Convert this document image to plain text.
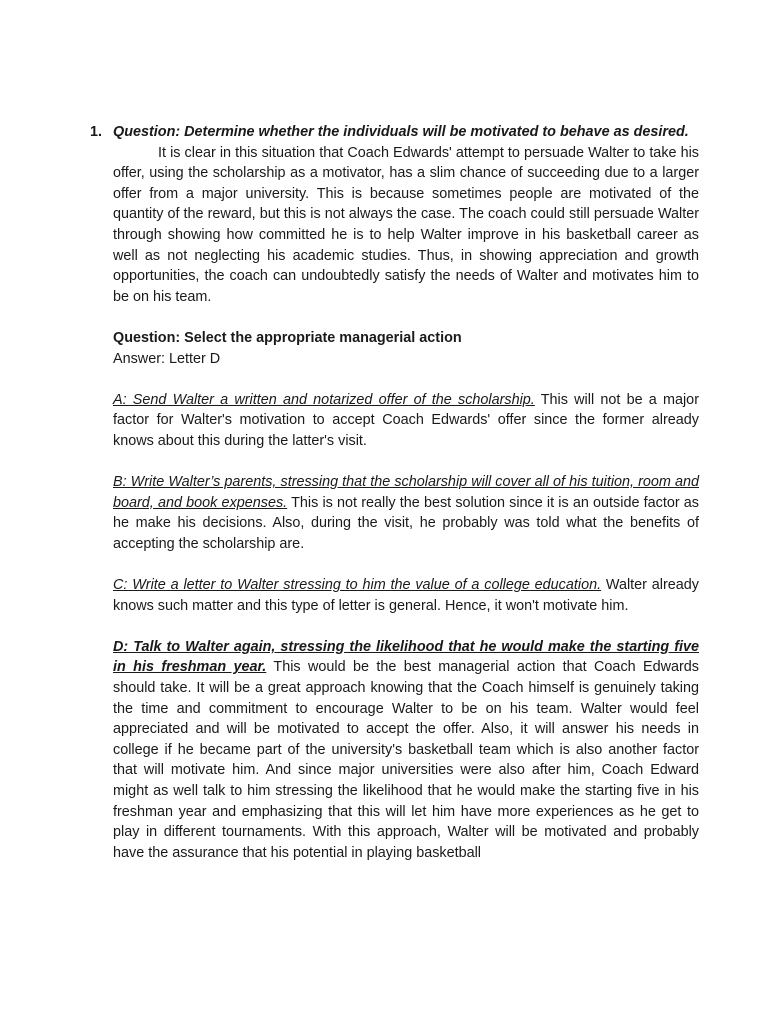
1. Question: Determine whether the individuals will be motivated to behave as desired.

It is clear in this situation that Coach Edwards' attempt to persuade Walter to take his offer, using the scholarship as a motivator, has a slim chance of succeeding due to a larger offer from a major university. This is because sometimes people are motivated of the quantity of the reward, but this is not always the case. The coach could still persuade Walter through showing how committed he is to help Walter improve in his basketball career as well as not neglecting his academic studies. Thus, in showing appreciation and growth opportunities, the coach can undoubtedly satisfy the needs of Walter and motivates him to be on his team.

Question: Select the appropriate managerial action

Answer: Letter D

A: Send Walter a written and notarized offer of the scholarship. This will not be a major factor for Walter's motivation to accept Coach Edwards' offer since the former already knows about this during the latter's visit.

B: Write Walter’s parents, stressing that the scholarship will cover all of his tuition, room and board, and book expenses. This is not really the best solution since it is an outside factor as he make his decisions. Also, during the visit, he probably was told what the benefits of accepting the scholarship are.

C: Write a letter to Walter stressing to him the value of a college education. Walter already knows such matter and this type of letter is general. Hence, it won't motivate him.

D: Talk to Walter again, stressing the likelihood that he would make the starting five in his freshman year. This would be the best managerial action that Coach Edwards should take. It will be a great approach knowing that the Coach himself is genuinely taking the time and commitment to encourage Walter to be on his team. Walter would feel appreciated and will be motivated to accept the offer. Also, it will answer his needs in college if he became part of the university's basketball team which is also another factor that will motivate him. And since major universities were also after him, Coach Edward might as well talk to him stressing the likelihood that he would make the starting five in his freshman year and emphasizing that this will let him have more experiences as he get to play in different tournaments. With this approach, Walter will be motivated and probably have the assurance that his potential in playing basketball
